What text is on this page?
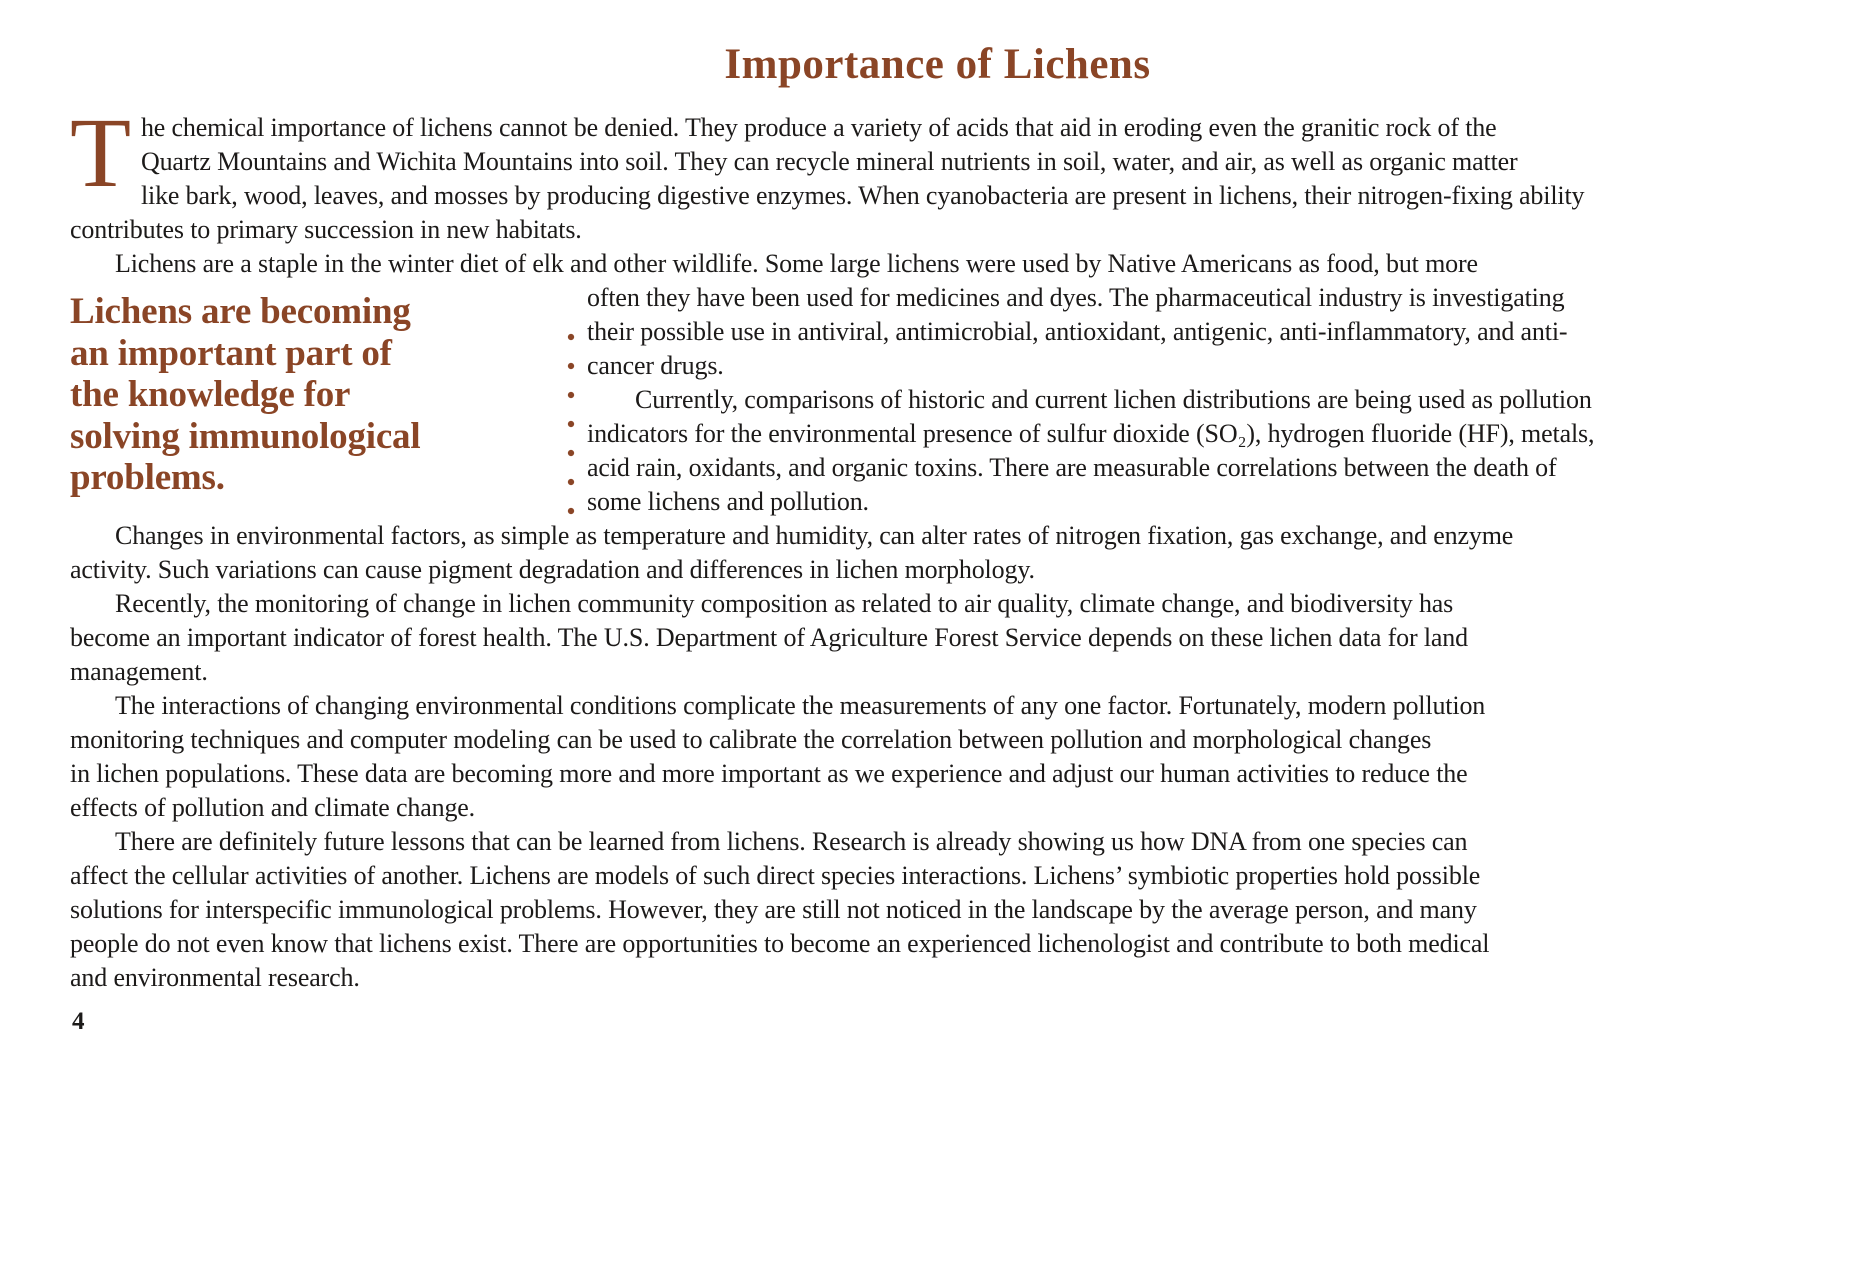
Importance of Lichens
T he chemical importance of lichens cannot be denied. They produce a variety of acids that aid in eroding even the granitic rock of the
Quartz Mountains and Wichita Mountains into soil. They can recycle mineral nutrients in soil, water, and air, as well as organic matter
like bark, wood, leaves, and mosses by producing digestive enzymes. When cyanobacteria are present in lichens, their nitrogen-fixing ability
contributes to primary succession in new habitats.
Lichens are a staple in the winter diet of elk and other wildlife. Some large lichens were used by Native Americans as food, but more
Lichens are becoming
an important part of
the knowledge for
solving immunological
problems.
often they have been used for medicines and dyes. The pharmaceutical industry is investigating
their possible use in antiviral, antimicrobial, antioxidant, antigenic, anti-inflammatory, and anti-
cancer drugs.
Currently, comparisons of historic and current lichen distributions are being used as pollution
indicators for the environmental presence of sulfur dioxide (SO₂), hydrogen fluoride (HF), metals,
acid rain, oxidants, and organic toxins. There are measurable correlations between the death of
some lichens and pollution.
Changes in environmental factors, as simple as temperature and humidity, can alter rates of nitrogen fixation, gas exchange, and enzyme
activity. Such variations can cause pigment degradation and differences in lichen morphology.
Recently, the monitoring of change in lichen community composition as related to air quality, climate change, and biodiversity has
become an important indicator of forest health. The U.S. Department of Agriculture Forest Service depends on these lichen data for land
management.
The interactions of changing environmental conditions complicate the measurements of any one factor. Fortunately, modern pollution
monitoring techniques and computer modeling can be used to calibrate the correlation between pollution and morphological changes
in lichen populations. These data are becoming more and more important as we experience and adjust our human activities to reduce the
effects of pollution and climate change.
There are definitely future lessons that can be learned from lichens. Research is already showing us how DNA from one species can
affect the cellular activities of another. Lichens are models of such direct species interactions. Lichens’ symbiotic properties hold possible
solutions for interspecific immunological problems. However, they are still not noticed in the landscape by the average person, and many
people do not even know that lichens exist. There are opportunities to become an experienced lichenologist and contribute to both medical
and environmental research.
4
